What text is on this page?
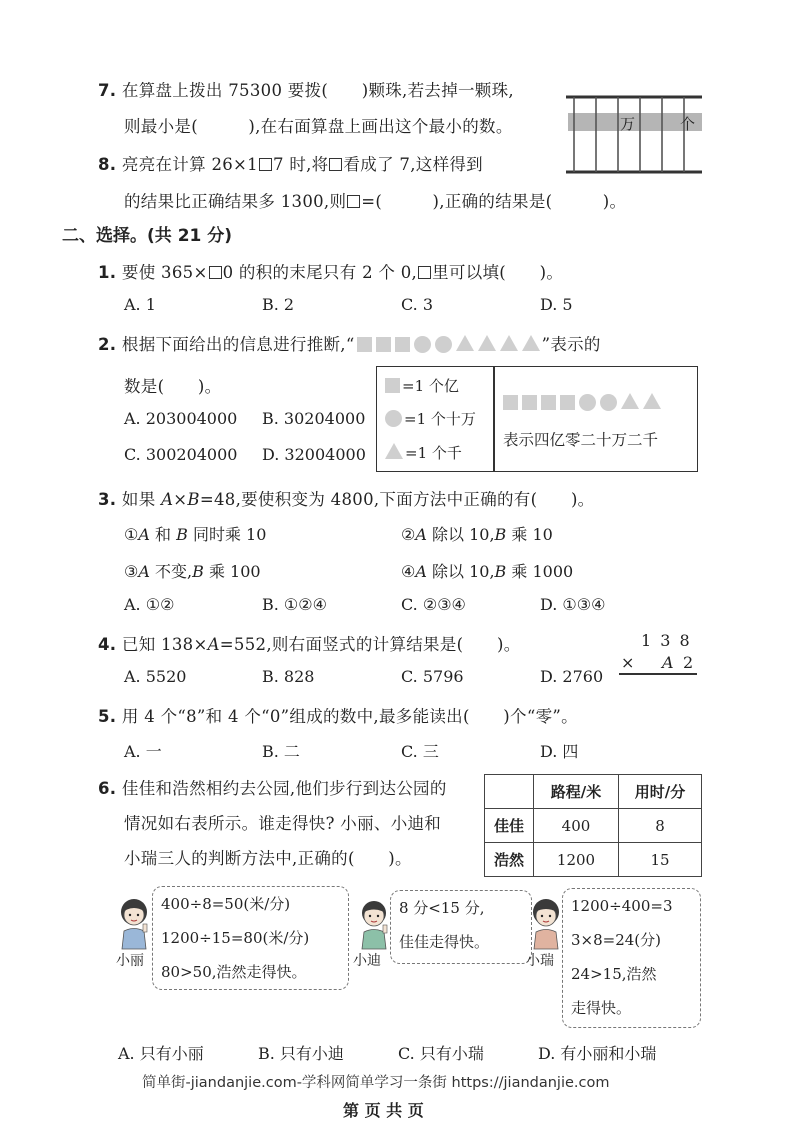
7. 在算盘上拨出 75300 要拨(　　)颗珠,若去掉一颗珠,
则最小是(　　　),在右面算盘上画出这个最小的数。	万	个
8. 亮亮在计算 26×1 7 时,将 看成了 7,这样得到
的结果比正确结果多 1300,则 =(　　　),正确的结果是(　　　)。
二、选择。(共 21 分)
1. 要使 365× 0 的积的末尾只有 2 个 0, 里可以填(　　)。
A. 1	B. 2	C. 3	D. 5
2. 根据下面给出的信息进行推断,“	”表示的
数是(　　)。
A. 203004000 B. 30204000
C. 300204000 D. 32004000
=1 个亿
=1 个十万
=1 个千
表示四亿零二十万二千
3. 如果 A×B=48,要使积变为 4800,下面方法中正确的有(　　)。
①A 和 B 同时乘 10	②A 除以 10,B 乘 10
③A 不变,B 乘 100	④A 除以 10,B 乘 1000
A. ①②	B. ①②④	C. ②③④	D. ①③④
4. 已知 138×A=552,则右面竖式的计算结果是(　　)。	1 3 8
× A 2
A. 5520	B. 828	C. 5796	D. 2760
5. 用 4 个“8”和 4 个“0”组成的数中,最多能读出(　　)个“零”。
A. 一	B. 二	C. 三	D. 四
6. 佳佳和浩然相约去公园,他们步行到达公园的
情况如右表所示。谁走得快? 小丽、小迪和
小瑞三人的判断方法中,正确的(　　)。
	路程/米	用时/分
佳佳	400	8
浩然	1200	15
小丽
400÷8=50(米/分)
1200÷15=80(米/分)
80>50,浩然走得快。
小迪
8 分<15 分,
佳佳走得快。
小瑞
1200÷400=3
3×8=24(分)
24>15,浩然
走得快。
A. 只有小丽	B. 只有小迪	C. 只有小瑞	D. 有小丽和小瑞
简单街-jiandanjie.com-学科网简单学习一条街 https://jiandanjie.com
第 页 共 页
